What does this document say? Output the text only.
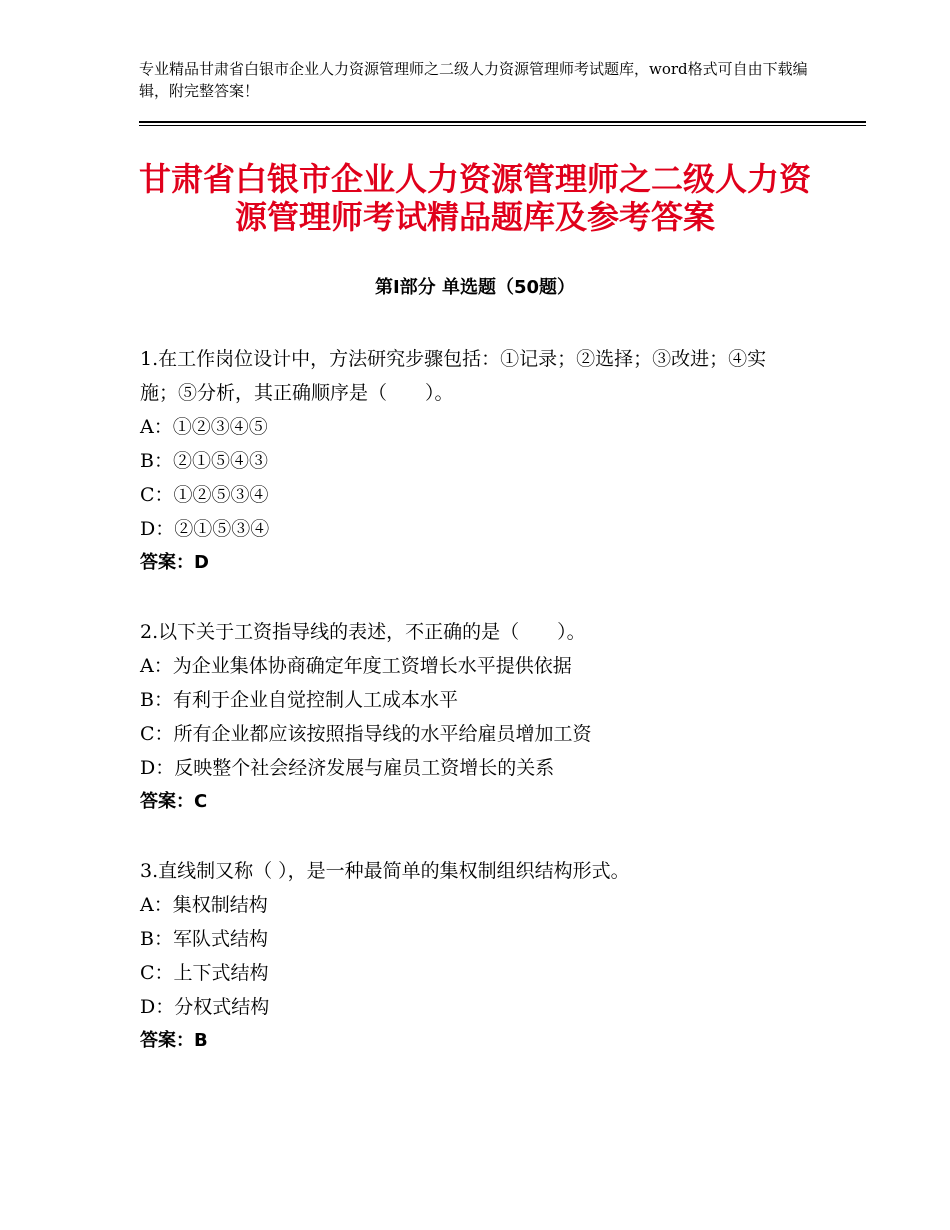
专业精品甘肃省白银市企业人力资源管理师之二级人力资源管理师考试题库，word格式可自由下载编辑，附完整答案！
甘肃省白银市企业人力资源管理师之二级人力资源管理师考试精品题库及参考答案
第Ⅰ部分 单选题（50题）

1.在工作岗位设计中，方法研究步骤包括：①记录；②选择；③改进；④实施；⑤分析，其正确顺序是（　　）。

A：①②③④⑤

B：②①⑤④③

C：①②⑤③④

D：②①⑤③④

答案：D

2.以下关于工资指导线的表述，不正确的是（　　）。

A：为企业集体协商确定年度工资增长水平提供依据

B：有利于企业自觉控制人工成本水平

C：所有企业都应该按照指导线的水平给雇员增加工资

D：反映整个社会经济发展与雇员工资增长的关系

答案：C

3.直线制又称（ ），是一种最简单的集权制组织结构形式。

A：集权制结构

B：军队式结构

C：上下式结构

D：分权式结构

答案：B
